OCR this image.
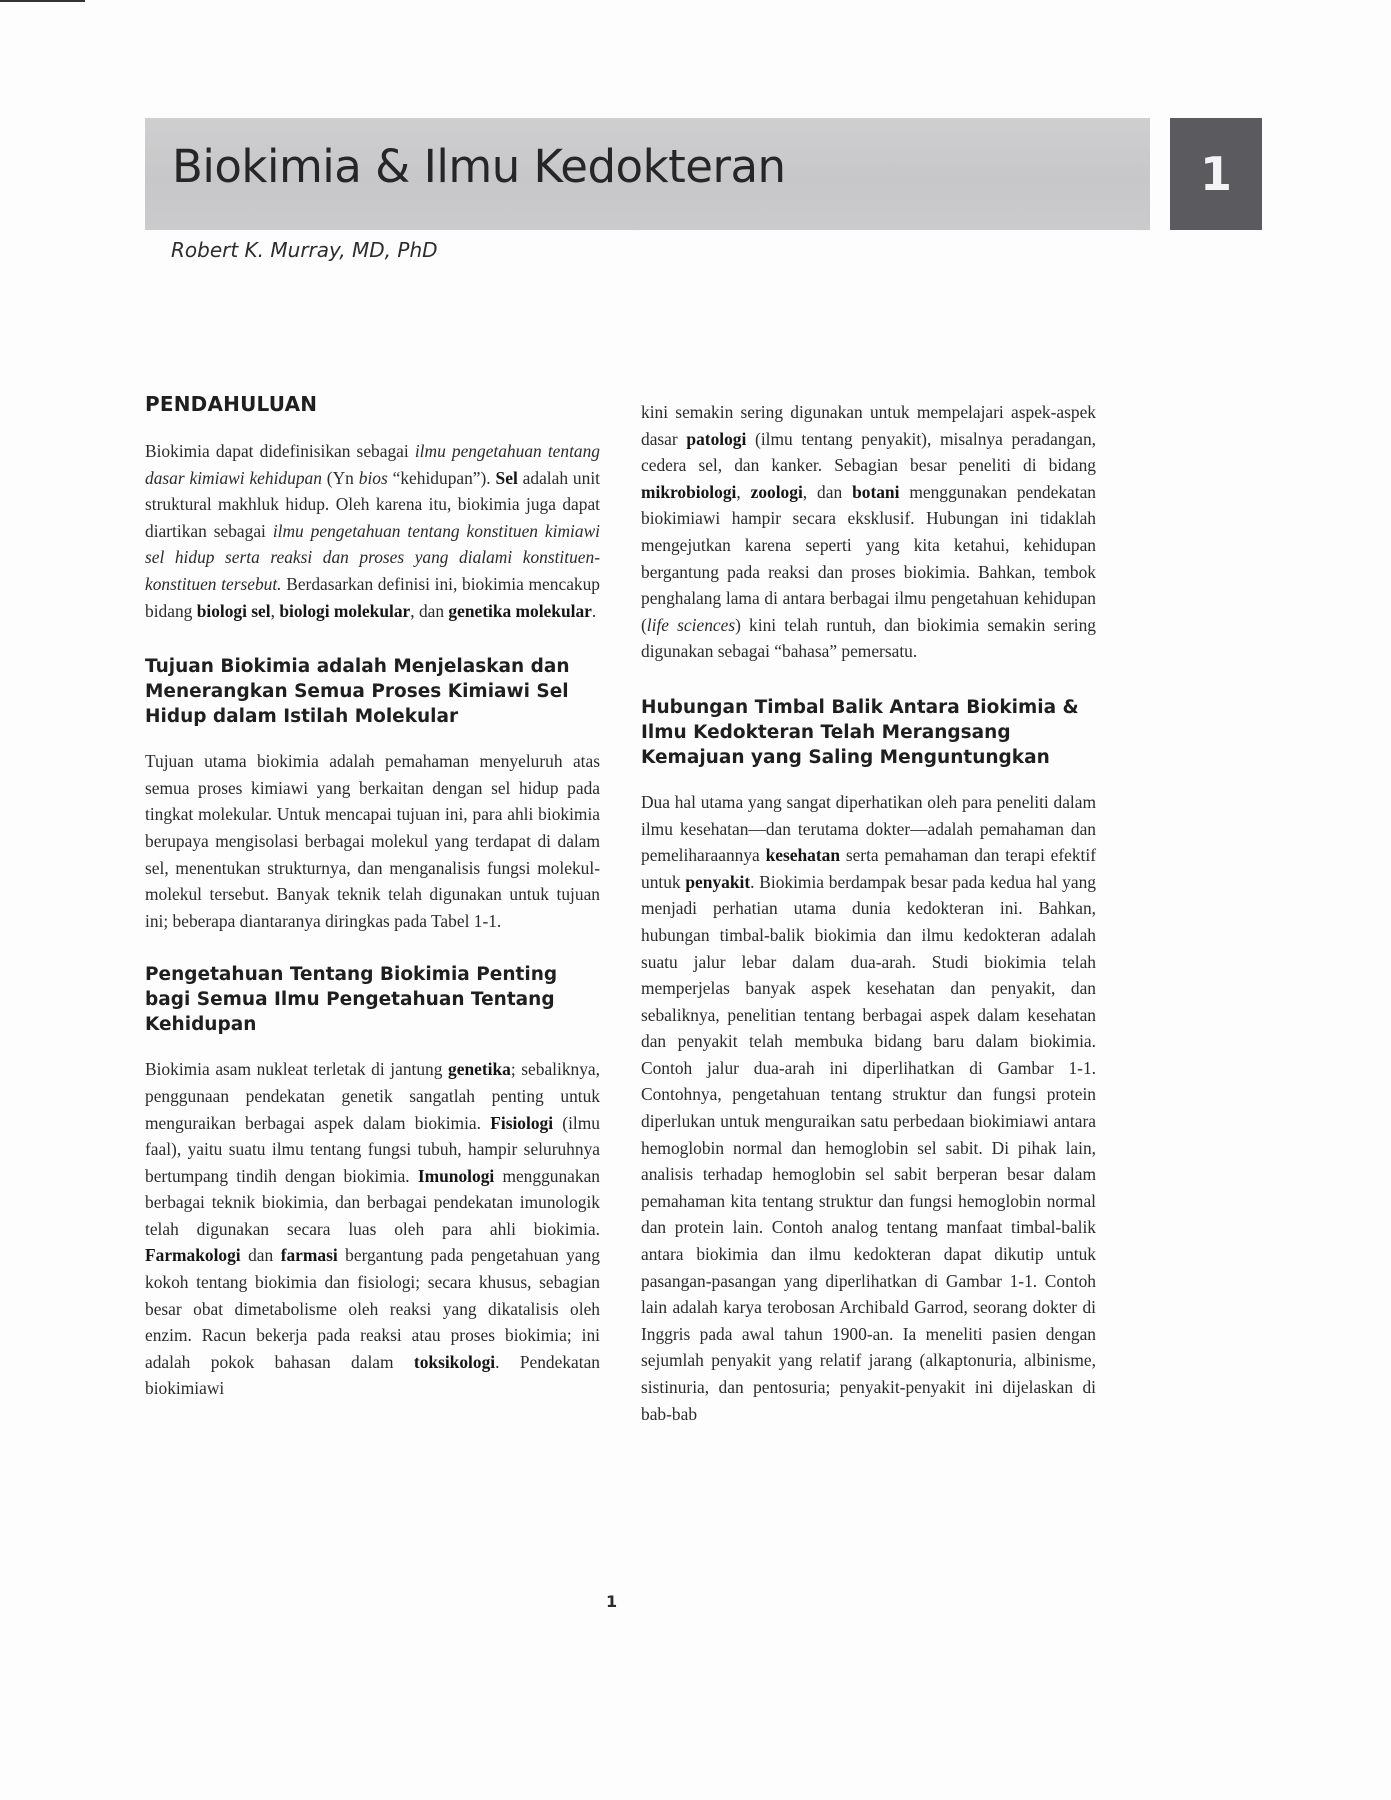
Biokimia & Ilmu Kedokteran	1
Robert K. Murray, MD, PhD
PENDAHULUAN

Biokimia dapat didefinisikan sebagai ilmu pengetahuan tentang dasar kimiawi kehidupan (Yn bios “kehidupan”). Sel adalah unit struktural makhluk hidup. Oleh karena itu, biokimia juga dapat diartikan sebagai ilmu pengetahuan tentang konstituen kimiawi sel hidup serta reaksi dan proses yang dialami konstituen-konstituen tersebut. Berdasarkan definisi ini, biokimia mencakup bidang biologi sel, biologi molekular, dan genetika molekular.

Tujuan Biokimia adalah Menjelaskan dan Menerangkan Semua Proses Kimiawi Sel Hidup dalam Istilah Molekular

Tujuan utama biokimia adalah pemahaman menyeluruh atas semua proses kimiawi yang berkaitan dengan sel hidup pada tingkat molekular. Untuk mencapai tujuan ini, para ahli biokimia berupaya mengisolasi berbagai molekul yang terdapat di dalam sel, menentukan strukturnya, dan menganalisis fungsi molekul-molekul tersebut. Banyak teknik telah digunakan untuk tujuan ini; beberapa diantaranya diringkas pada Tabel 1-1.

Pengetahuan Tentang Biokimia Penting bagi Semua Ilmu Pengetahuan Tentang Kehidupan

Biokimia asam nukleat terletak di jantung genetika; sebaliknya, penggunaan pendekatan genetik sangatlah penting untuk menguraikan berbagai aspek dalam biokimia. Fisiologi (ilmu faal), yaitu suatu ilmu tentang fungsi tubuh, hampir seluruhnya bertumpang tindih dengan biokimia. Imunologi menggunakan berbagai teknik biokimia, dan berbagai pendekatan imunologik telah digunakan secara luas oleh para ahli biokimia. Farmakologi dan farmasi bergantung pada pengetahuan yang kokoh tentang biokimia dan fisiologi; secara khusus, sebagian besar obat dimetabolisme oleh reaksi yang dikatalisis oleh enzim. Racun bekerja pada reaksi atau proses biokimia; ini adalah pokok bahasan dalam toksikologi. Pendekatan biokimiawi

kini semakin sering digunakan untuk mempelajari aspek-aspek dasar patologi (ilmu tentang penyakit), misalnya peradangan, cedera sel, dan kanker. Sebagian besar peneliti di bidang mikrobiologi, zoologi, dan botani menggunakan pendekatan biokimiawi hampir secara eksklusif. Hubungan ini tidaklah mengejutkan karena seperti yang kita ketahui, kehidupan bergantung pada reaksi dan proses biokimia. Bahkan, tembok penghalang lama di antara berbagai ilmu pengetahuan kehidupan (life sciences) kini telah runtuh, dan biokimia semakin sering digunakan sebagai “bahasa” pemersatu.

Hubungan Timbal Balik Antara Biokimia & Ilmu Kedokteran Telah Merangsang Kemajuan yang Saling Menguntungkan

Dua hal utama yang sangat diperhatikan oleh para peneliti dalam ilmu kesehatan—dan terutama dokter—adalah pemahaman dan pemeliharaannya kesehatan serta pemahaman dan terapi efektif untuk penyakit. Biokimia berdampak besar pada kedua hal yang menjadi perhatian utama dunia kedokteran ini. Bahkan, hubungan timbal-balik biokimia dan ilmu kedokteran adalah suatu jalur lebar dalam dua-arah. Studi biokimia telah memperjelas banyak aspek kesehatan dan penyakit, dan sebaliknya, penelitian tentang berbagai aspek dalam kesehatan dan penyakit telah membuka bidang baru dalam biokimia. Contoh jalur dua-arah ini diperlihatkan di Gambar 1-1. Contohnya, pengetahuan tentang struktur dan fungsi protein diperlukan untuk menguraikan satu perbedaan biokimiawi antara hemoglobin normal dan hemoglobin sel sabit. Di pihak lain, analisis terhadap hemoglobin sel sabit berperan besar dalam pemahaman kita tentang struktur dan fungsi hemoglobin normal dan protein lain. Contoh analog tentang manfaat timbal-balik antara biokimia dan ilmu kedokteran dapat dikutip untuk pasangan-pasangan yang diperlihatkan di Gambar 1-1. Contoh lain adalah karya terobosan Archibald Garrod, seorang dokter di Inggris pada awal tahun 1900-an. Ia meneliti pasien dengan sejumlah penyakit yang relatif jarang (alkaptonuria, albinisme, sistinuria, dan pentosuria; penyakit-penyakit ini dijelaskan di bab-bab

1
